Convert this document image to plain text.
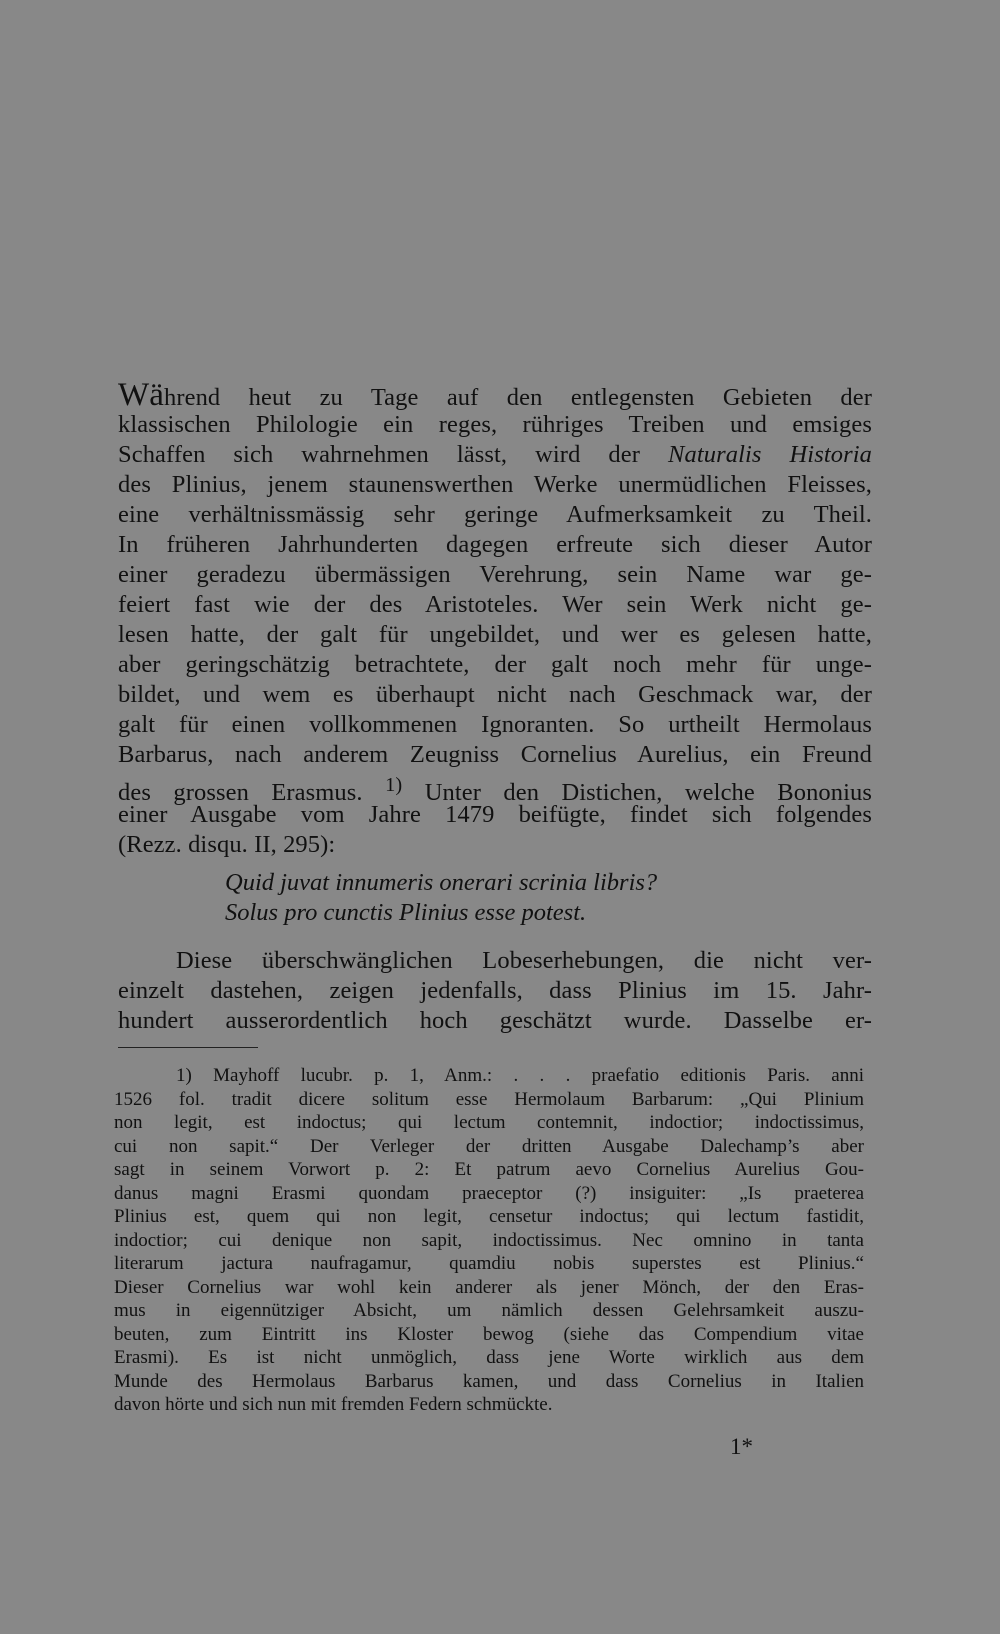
Während heut zu Tage auf den entlegensten Gebieten der
klassischen Philologie ein reges, rühriges Treiben und emsiges
Schaffen sich wahrnehmen lässt, wird der Naturalis Historia
des Plinius, jenem staunenswerthen Werke unermüdlichen Fleisses,
eine verhältnissmässig sehr geringe Aufmerksamkeit zu Theil.
In früheren Jahrhunderten dagegen erfreute sich dieser Autor
einer geradezu übermässigen Verehrung, sein Name war ge-
feiert fast wie der des Aristoteles. Wer sein Werk nicht ge-
lesen hatte, der galt für ungebildet, und wer es gelesen hatte,
aber geringschätzig betrachtete, der galt noch mehr für unge-
bildet, und wem es überhaupt nicht nach Geschmack war, der
galt für einen vollkommenen Ignoranten. So urtheilt Hermolaus
Barbarus, nach anderem Zeugniss Cornelius Aurelius, ein Freund
des grossen Erasmus. $^{1)}$ Unter den Distichen, welche Bononius
einer Ausgabe vom Jahre 1479 beifügte, findet sich folgendes
(Rezz. disqu. II, 295):
Quid juvat innumeris onerari scrinia libris?
Solus pro cunctis Plinius esse potest.
Diese überschwänglichen Lobeserhebungen, die nicht ver-
einzelt dastehen, zeigen jedenfalls, dass Plinius im 15. Jahr-
hundert ausserordentlich hoch geschätzt wurde. Dasselbe er-
1) Mayhoff lucubr. p. 1, Anm.: . . . praefatio editionis Paris. anni
1526 fol. tradit dicere solitum esse Hermolaum Barbarum: „Qui Plinium
non legit, est indoctus; qui lectum contemnit, indoctior; indoctissimus,
cui non sapit.“ Der Verleger der dritten Ausgabe Dalechamp’s aber
sagt in seinem Vorwort p. 2: Et patrum aevo Cornelius Aurelius Gou-
danus magni Erasmi quondam praeceptor (?) insiguiter: „Is praeterea
Plinius est, quem qui non legit, censetur indoctus; qui lectum fastidit,
indoctior; cui denique non sapit, indoctissimus. Nec omnino in tanta
literarum jactura naufragamur, quamdiu nobis superstes est Plinius.“
Dieser Cornelius war wohl kein anderer als jener Mönch, der den Eras-
mus in eigennütziger Absicht, um nämlich dessen Gelehrsamkeit auszu-
beuten, zum Eintritt ins Kloster bewog (siehe das Compendium vitae
Erasmi). Es ist nicht unmöglich, dass jene Worte wirklich aus dem
Munde des Hermolaus Barbarus kamen, und dass Cornelius in Italien
davon hörte und sich nun mit fremden Federn schmückte.
1*
